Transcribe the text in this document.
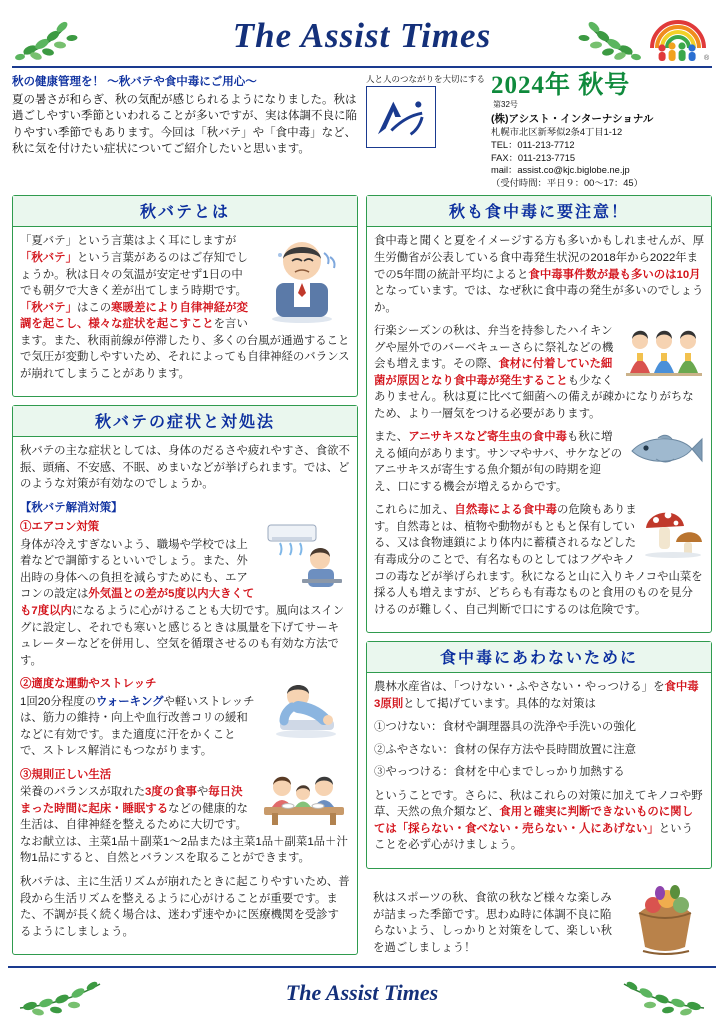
The Assist Times
®
秋の健康管理を！ ～秋バテや食中毒にご用心～
夏の暑さが和らぎ、秋の気配が感じられるようになりました。秋は過ごしやすい季節といわれることが多いですが、実は体調不良に陥りやすい季節でもあります。今回は「秋バテ」や「食中毒」など、秋に気を付けたい症状についてご紹介したいと思います。
人と人のつながりを大切にする 2024年 秋号
第32号
(株)アシスト・インターナショナル
札幌市北区新琴似2条4丁目1-12
TEL：011-213-7712
FAX：011-213-7715
mail：assist.co@kjc.biglobe.ne.jp
（受付時間：平日９：00～17：45）
秋バテとは

「夏バテ」という言葉はよく耳にしますが「秋バテ」という言葉があるのはご存知でしょうか。秋は日々の気温が安定せず1日の中でも朝夕で大きく差が出てしまう時期です。「秋バテ」はこの寒暖差により自律神経が変調を起こし、様々な症状を起こすことを言います。また、秋雨前線が停滞したり、多くの台風が通過することで気圧が変動しやすいため、それによっても自律神経のバランスが崩れてしまうことがあります。

秋バテの症状と対処法

秋バテの主な症状としては、身体のだるさや疲れやすさ、食欲不振、頭痛、不安感、不眠、めまいなどが挙げられます。では、どのような対策が有効なのでしょうか。

【秋バテ解消対策】
①エアコン対策

身体が冷えすぎないよう、職場や学校では上着などで調節するといいでしょう。また、外出時の身体への負担を減らすためにも、エアコンの設定は外気温との差が5度以内大きくても7度以内になるように心がけることも大切です。風向はスイングに設定し、それでも寒いと感じるときは風量を下げてサーキュレーターなどを併用し、空気を循環させるのも有効な方法です。

②適度な運動やストレッチ

1回20分程度のウォーキングや軽いストレッチは、筋力の維持・向上や血行改善コリの緩和などに有効です。また適度に汗をかくことで、ストレス解消にもつながります。

③規則正しい生活

栄養のバランスが取れた3度の食事や毎日決まった時間に起床・睡眠するなどの健康的な生活は、自律神経を整えるために大切です。なお献立は、主菜1品＋副菜1～2品または主菜1品＋副菜1品＋汁物1品にすると、自然とバランスを取ることができます。

秋バテは、主に生活リズムが崩れたときに起こりやすいため、普段から生活リズムを整えるように心がけることが重要です。また、不調が長く続く場合は、迷わず速やかに医療機関を受診するようにしましょう。

秋も食中毒に要注意！

食中毒と聞くと夏をイメージする方も多いかもしれませんが、厚生労働省が公表している食中毒発生状況の2018年から2022年までの5年間の統計平均によると食中毒事件数が最も多いのは10月となっています。では、なぜ秋に食中毒の発生が多いのでしょうか。

行楽シーズンの秋は、弁当を持参したハイキングや屋外でのバーベキューさらに祭礼などの機会も増えます。その際、食材に付着していた細菌が原因となり食中毒が発生することも少なくありません。秋は夏に比べて細菌への備えが疎かになりがちなため、より一層気をつける必要があります。

また、アニサキスなど寄生虫の食中毒も秋に増える傾向があります。サンマやサバ、サケなどのアニサキスが寄生する魚介類が旬の時期を迎え、口にする機会が増えるからです。

これらに加え、自然毒による食中毒の危険もあります。自然毒とは、植物や動物がもともと保有している、又は食物連鎖により体内に蓄積されるなどした有毒成分のことで、有名なものとしてはフグやキノコの毒などが挙げられます。秋になると山に入りキノコや山菜を採る人も増えますが、どちらも有毒なものと食用のものを見分けるのが難しく、自己判断で口にするのは危険です。

食中毒にあわないために

農林水産省は、「つけない・ふやさない・やっつける」を食中毒3原則として掲げています。具体的な対策は

①つけない：食材や調理器具の洗浄や手洗いの強化

②ふやさない：食材の保存方法や長時間放置に注意

③やっつける：食材を中心までしっかり加熱する

ということです。さらに、秋はこれらの対策に加えてキノコや野草、天然の魚介類など、食用と確実に判断できないものに関しては「採らない・食べない・売らない・人にあげない」ということを必ず心がけましょう。

秋はスポーツの秋、食欲の秋など様々な楽しみが詰まった季節です。思わぬ時に体調不良に陥らないよう、しっかりと対策をして、楽しい秋を過ごしましょう！

The Assist Times
